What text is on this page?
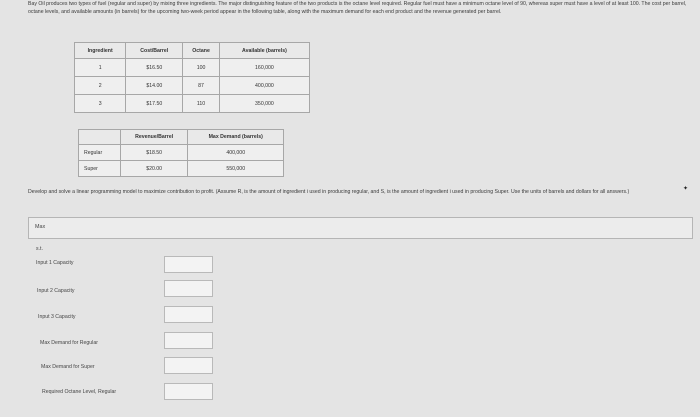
Bay Oil produces two types of fuel (regular and super) by mixing three ingredients. The major distinguishing feature of the two products is the octane level required. Regular fuel must have a minimum octane level of 90, whereas super must have a level of at least 100. The cost per barrel, octane levels, and available amounts (in barrels) for the upcoming two-week period appear in the following table, along with the maximum demand for each end product and the revenue generated per barrel.

Ingredient	Cost/Barrel	Octane	Available (barrels)
1	$16.50	100	160,000
2	$14.00	87	400,000
3	$17.50	110	350,000
	Revenue/Barrel	Max Demand (barrels)
Regular	$18.50	400,000
Super	$20.00	550,000

Develop and solve a linear programming model to maximize contribution to profit. (Assume R, is the amount of ingredient i used in producing regular, and S, is the amount of ingredient i used in producing Super. Use the units of barrels and dollars for all answers.)	✦
Max
s.t.
Input 1 Capacity
Input 2 Capacity
Input 3 Capacity
Max Demand for Regular
Max Demand for Super
Required Octane Level, Regular
